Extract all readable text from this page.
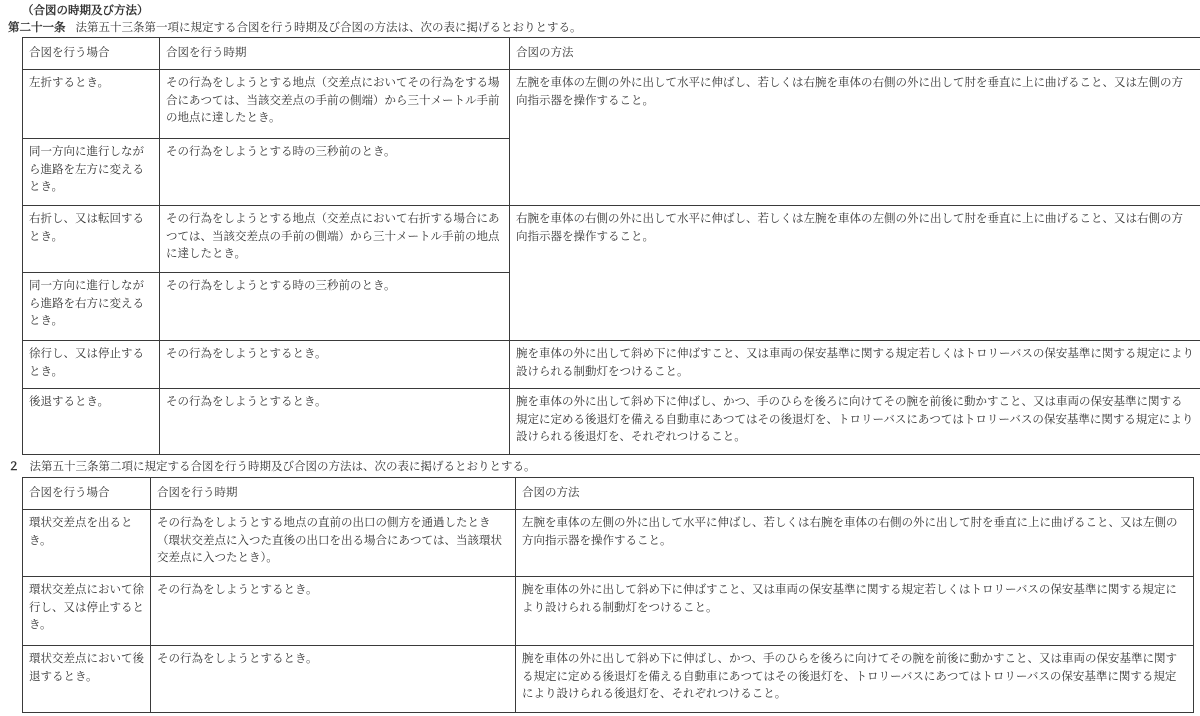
（合図の時期及び方法）
第二十一条 法第五十三条第一項に規定する合図を行う時期及び合図の方法は、次の表に掲げるとおりとする。
合図を行う場合	合図を行う時期	合図の方法
左折するとき。	その行為をしようとする地点（交差点においてその行為をする場合にあつては、当該交差点の手前の側端）から三十メートル手前の地点に達したとき。	左腕を車体の左側の外に出して水平に伸ばし、若しくは右腕を車体の右側の外に出して肘を垂直に上に曲げること、又は左側の方向指示器を操作すること。
同一方向に進行しながら進路を左方に変えるとき。	その行為をしようとする時の三秒前のとき。	
右折し、又は転回するとき。	その行為をしようとする地点（交差点において右折する場合にあつては、当該交差点の手前の側端）から三十メートル手前の地点に達したとき。	右腕を車体の右側の外に出して水平に伸ばし、若しくは左腕を車体の左側の外に出して肘を垂直に上に曲げること、又は右側の方向指示器を操作すること。
同一方向に進行しながら進路を右方に変えるとき。	その行為をしようとする時の三秒前のとき。	
徐行し、又は停止するとき。	その行為をしようとするとき。	腕を車体の外に出して斜め下に伸ばすこと、又は車両の保安基準に関する規定若しくはトロリーバスの保安基準に関する規定により設けられる制動灯をつけること。
後退するとき。	その行為をしようとするとき。	腕を車体の外に出して斜め下に伸ばし、かつ、手のひらを後ろに向けてその腕を前後に動かすこと、又は車両の保安基準に関する規定に定める後退灯を備える自動車にあつてはその後退灯を、トロリーバスにあつてはトロリーバスの保安基準に関する規定により設けられる後退灯を、それぞれつけること。
２ 法第五十三条第二項に規定する合図を行う時期及び合図の方法は、次の表に掲げるとおりとする。
合図を行う場合	合図を行う時期	合図の方法
環状交差点を出るとき。	その行為をしようとする地点の直前の出口の側方を通過したとき（環状交差点に入つた直後の出口を出る場合にあつては、当該環状交差点に入つたとき）。	左腕を車体の左側の外に出して水平に伸ばし、若しくは右腕を車体の右側の外に出して肘を垂直に上に曲げること、又は左側の方向指示器を操作すること。
環状交差点において徐行し、又は停止するとき。	その行為をしようとするとき。	腕を車体の外に出して斜め下に伸ばすこと、又は車両の保安基準に関する規定若しくはトロリーバスの保安基準に関する規定により設けられる制動灯をつけること。
環状交差点において後退するとき。	その行為をしようとするとき。	腕を車体の外に出して斜め下に伸ばし、かつ、手のひらを後ろに向けてその腕を前後に動かすこと、又は車両の保安基準に関する規定に定める後退灯を備える自動車にあつてはその後退灯を、トロリーバスにあつてはトロリーバスの保安基準に関する規定により設けられる後退灯を、それぞれつけること。
